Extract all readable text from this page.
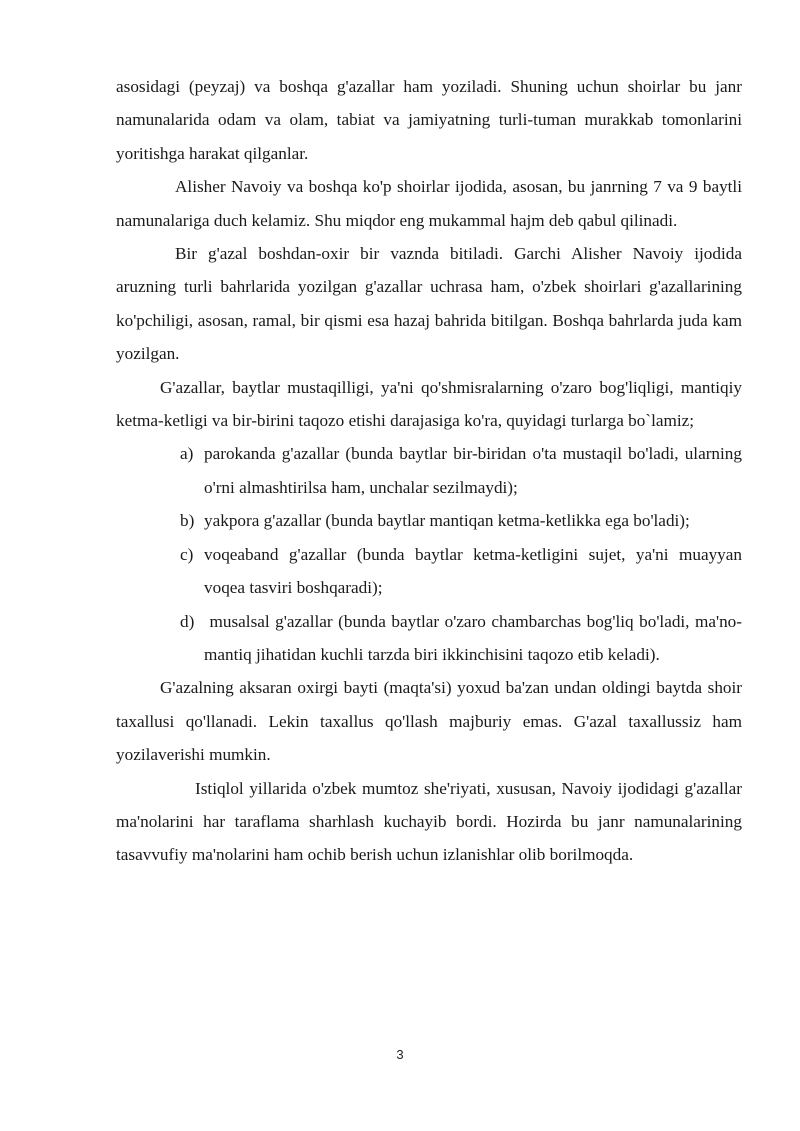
asosidagi (peyzaj) va boshqa g'azallar ham yoziladi. Shuning uchun shoirlar bu janr namunalarida odam va olam, tabiat va jamiyatning turli-tuman murakkab tomonlarini yoritishga harakat qilganlar.

Alisher Navoiy va boshqa ko'p shoirlar ijodida, asosan, bu janrning 7 va 9 baytli namunalariga duch kelamiz. Shu miqdor eng mukammal hajm deb qabul qilinadi.

Bir g'azal boshdan-oxir bir vaznda bitiladi. Garchi Alisher Navoiy ijodida aruzning turli bahrlarida yozilgan g'azallar uchrasa ham, o'zbek shoirlari g'azallarining ko'pchiligi, asosan, ramal, bir qismi esa hazaj bahrida bitilgan. Boshqa bahrlarda juda kam yozilgan.

G'azallar, baytlar mustaqilligi, ya'ni qo'shmisralarning o'zaro bog'liqligi, mantiqiy ketma-ketligi va bir-birini taqozo etishi darajasiga ko'ra, quyidagi turlarga bo`lamiz;

a) parokanda g'azallar (bunda baytlar bir-biridan o'ta mustaqil bo'ladi, ularning o'rni almashtirilsa ham, unchalar sezilmaydi);
b) yakpora g'azallar (bunda baytlar mantiqan ketma-ketlikka ega bo'ladi);
c) voqeaband g'azallar (bunda baytlar ketma-ketligini sujet, ya'ni muayyan voqea tasviri boshqaradi);
d) musalsal g'azallar (bunda baytlar o'zaro chambarchas bog'liq bo'ladi, ma'no-mantiq jihatidan kuchli tarzda biri ikkinchisini taqozo etib keladi).

G'azalning aksaran oxirgi bayti (maqta'si) yoxud ba'zan undan oldingi baytda shoir taxallusi qo'llanadi. Lekin taxallus qo'llash majburiy emas. G'azal taxallussiz ham yozilaverishi mumkin.

Istiqlol yillarida o'zbek mumtoz she'riyati, xususan, Navoiy ijodidagi g'azallar ma'nolarini har taraflama sharhlash kuchayib bordi. Hozirda bu janr namunalarining tasavvufiy ma'nolarini ham ochib berish uchun izlanishlar olib borilmoqda.

3
